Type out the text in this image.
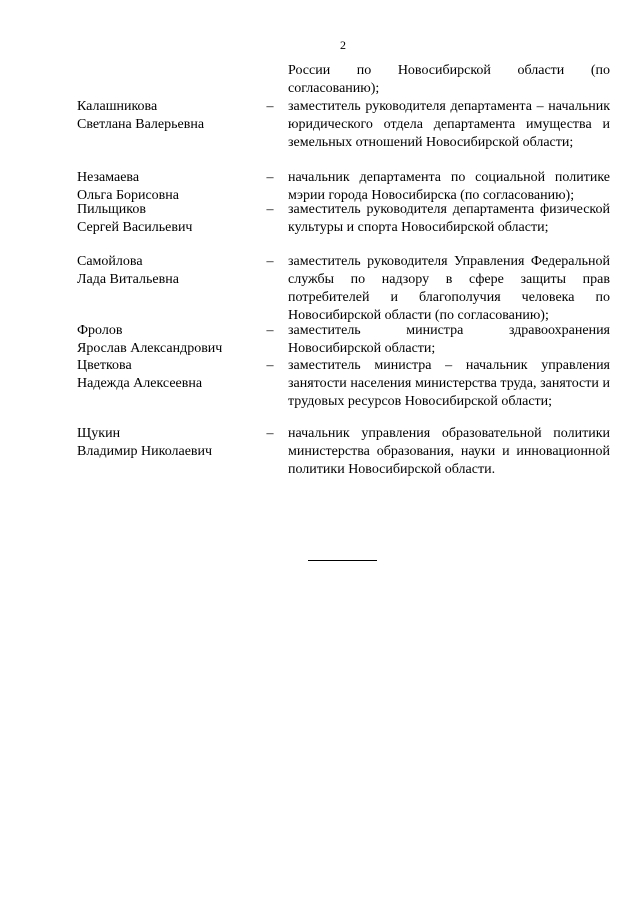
2
России по Новосибирской области (по согласованию);
Калашникова
Светлана Валерьевна
– заместитель руководителя департамента – начальник юридического отдела департамента имущества и земельных отношений Новосибирской области;
Незамаева
Ольга Борисовна
– начальник департамента по социальной политике мэрии города Новосибирска (по согласованию);
Пильщиков
Сергей Васильевич
– заместитель руководителя департамента физической культуры и спорта Новосибирской области;
Самойлова
Лада Витальевна
– заместитель руководителя Управления Федеральной службы по надзору в сфере защиты прав потребителей и благополучия человека по Новосибирской области (по согласованию);
Фролов
Ярослав Александрович
– заместитель министра здравоохранения Новосибирской области;
Цветкова
Надежда Алексеевна
– заместитель министра – начальник управления занятости населения министерства труда, занятости и трудовых ресурсов Новосибирской области;
Щукин
Владимир Николаевич
– начальник управления образовательной политики министерства образования, науки и инновационной политики Новосибирской области.
